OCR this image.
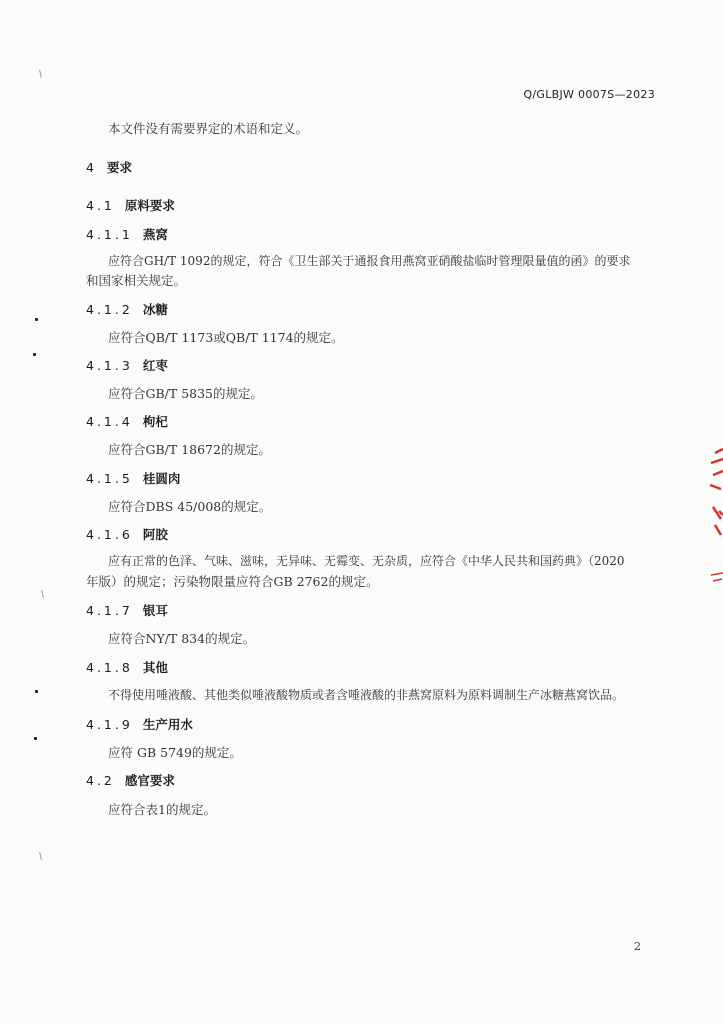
Q/GLBJW 0007S—2023
本文件没有需要界定的术语和定义。
4 要求
4.1 原料要求
4.1.1 燕窝
应符合GH/T 1092的规定，符合《卫生部关于通报食用燕窝亚硝酸盐临时管理限量值的函》的要求
和国家相关规定。
4.1.2 冰糖
应符合QB/T 1173或QB/T 1174的规定。
4.1.3 红枣
应符合GB/T 5835的规定。
4.1.4 枸杞
应符合GB/T 18672的规定。
4.1.5 桂圆肉
应符合DBS 45/008的规定。
4.1.6 阿胶
应有正常的色泽、气味、滋味，无异味、无霉变、无杂质，应符合《中华人民共和国药典》（2020
年版）的规定；污染物限量应符合GB 2762的规定。
4.1.7 银耳
应符合NY/T 834的规定。
4.1.8 其他
不得使用唾液酸、其他类似唾液酸物质或者含唾液酸的非燕窝原料为原料调制生产冰糖燕窝饮品。
4.1.9 生产用水
应符 GB 5749的规定。
4.2 感官要求
应符合表1的规定。
2
